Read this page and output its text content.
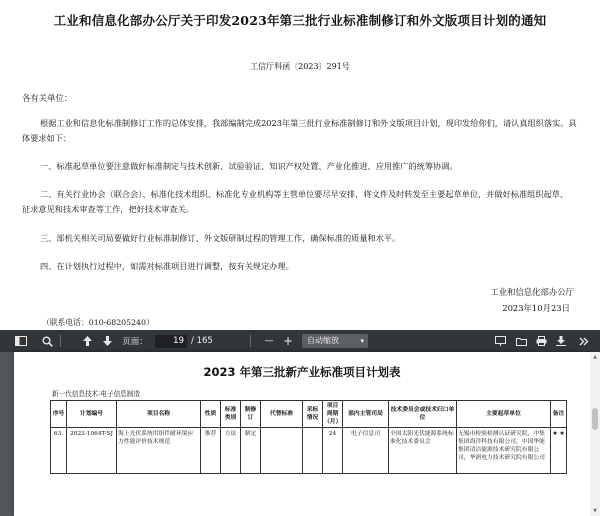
工业和信息化部办公厅关于印发2023年第三批行业标准制修订和外文版项目计划的通知
工信厅科函〔2023〕291号
各有关单位：
根据工业和信息化标准制修订工作的总体安排，我部编制完成2023年第三批行业标准制修订和外文版项目计划，现印发给你们，请认真组织落实。具
体要求如下：
一、标准起草单位要注意做好标准制定与技术创新、试验验证、知识产权处置、产业化推进、应用推广的统筹协调。
二、有关行业协会（联合会）、标准化技术组织、标准化专业机构等主管单位要尽早安排，将文件及时转发至主要起草单位，并做好标准组织起草、
征求意见和技术审查等工作，把好技术审查关。
三、部机关相关司局要做好行业标准制修订、外文版研制过程的管理工作，确保标准的质量和水平。
四、在计划执行过程中，如需对标准项目进行调整，按有关规定办理。
工业和信息化部办公厅
2023年10月23日
（联系电话：010-68205240）
页面：	19 / 165	— +	自动缩放	▾
2023 年第三批新产业标准项目计划表
新一代信息技术-电子信息制造
序号	计划编号	项目名称	性质	标准类别	制修订	代替标准	采标情况	项目周期（月）	部内主管司局	技术委员会或技术归口单位	主要起草单位	备注
63.	2023-1064T-SJ	海上光伏系统用组件耐环境应力性能评价技术规范	推荐	方法	制定			24	电子信息司	全国太阳光伏能源系统标准化技术委员会	无锡市检验检测认证研究院，中集集团海洋科技有限公司，中国华能集团清洁能源技术研究院有限公司，华润电力技术研究院有限公司	★ ★
▲
▼
